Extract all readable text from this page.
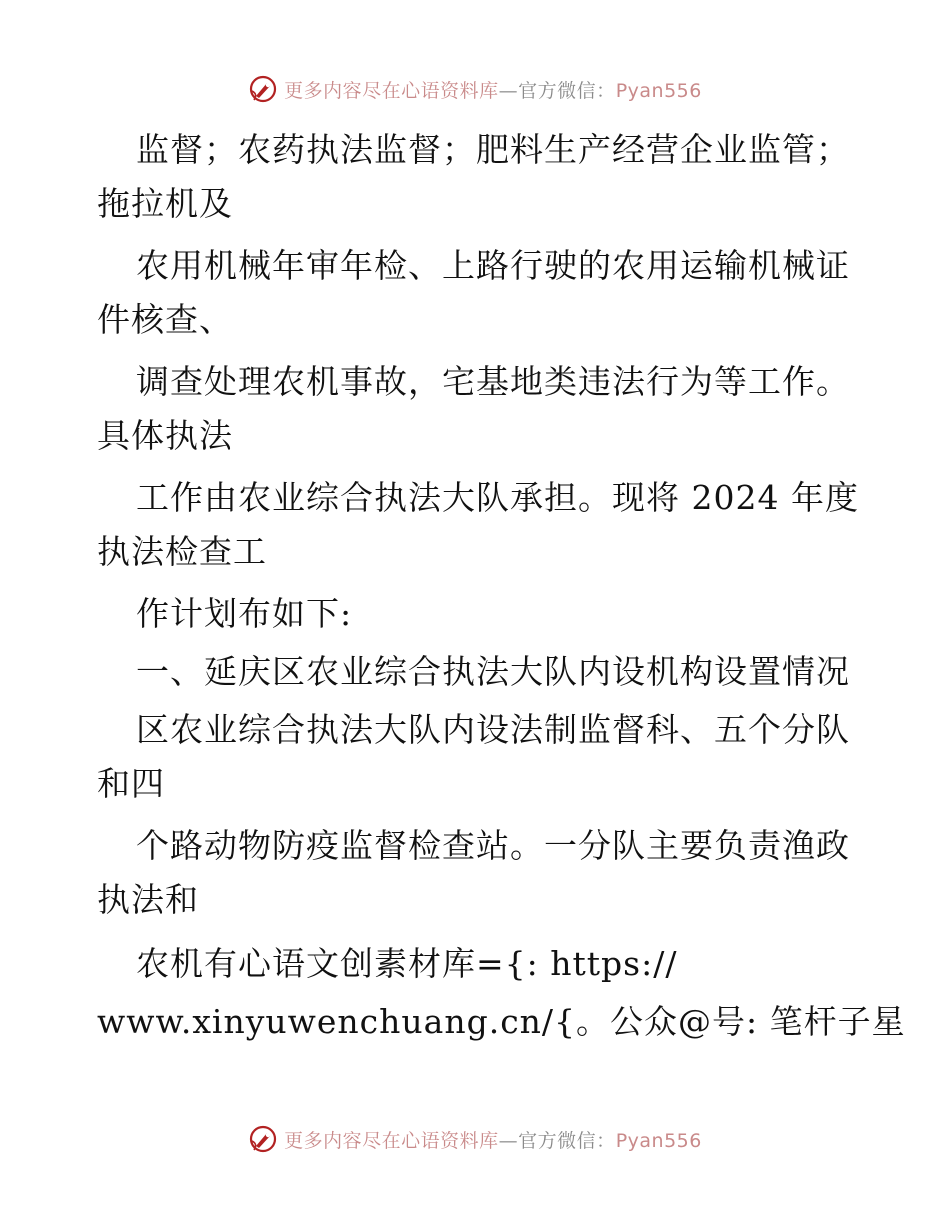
更多内容尽在心语资料库—官方微信：Pyan556
监督；农药执法监督；肥料生产经营企业监管；
拖拉机及
农用机械年审年检、上路行驶的农用运输机械证
件核查、
调查处理农机事故，宅基地类违法行为等工作。
具体执法
工作由农业综合执法大队承担。现将 2024 年度
执法检查工
作计划布如下:
一、延庆区农业综合执法大队内设机构设置情况
区农业综合执法大队内设法制监督科、五个分队
和四
个路动物防疫监督检查站。一分队主要负责渔政
执法和
农机有心语文创素材库={: https://
www.xinyuwenchuang.cn/{。公众@号: 笔杆子星
更多内容尽在心语资料库—官方微信：Pyan556
